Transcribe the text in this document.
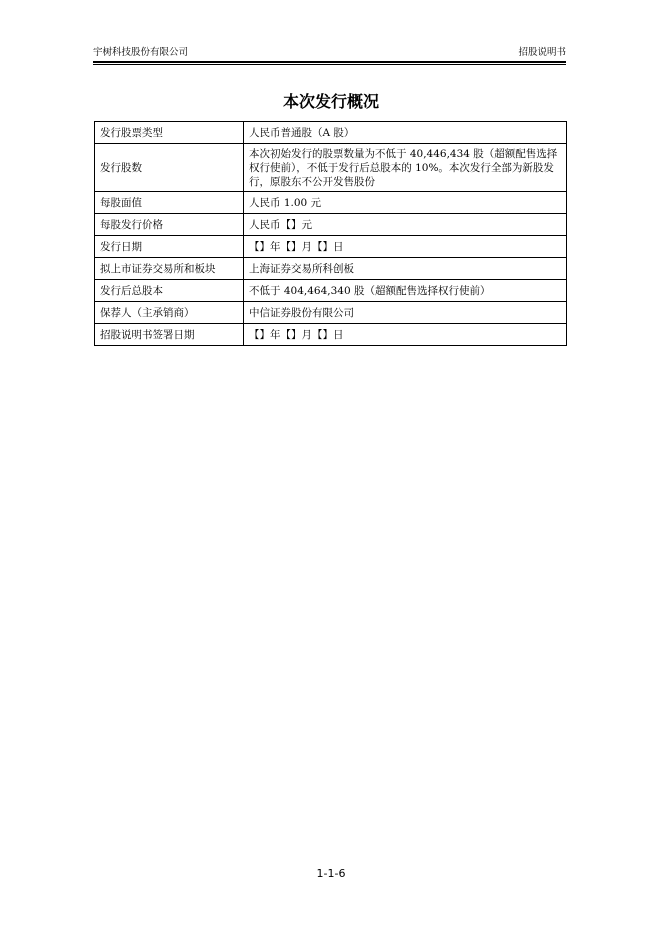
宇树科技股份有限公司	招股说明书
本次发行概况
发行股票类型	人民币普通股（A 股）
发行股数	本次初始发行的股票数量为不低于 40,446,434 股（超额配售选择权行使前），不低于发行后总股本的 10%。本次发行全部为新股发行，原股东不公开发售股份
每股面值	人民币 1.00 元
每股发行价格	人民币【】元
发行日期	【】年【】月【】日
拟上市证券交易所和板块	上海证券交易所科创板
发行后总股本	不低于 404,464,340 股（超额配售选择权行使前）
保荐人（主承销商）	中信证券股份有限公司
招股说明书签署日期	【】年【】月【】日
1-1-6
